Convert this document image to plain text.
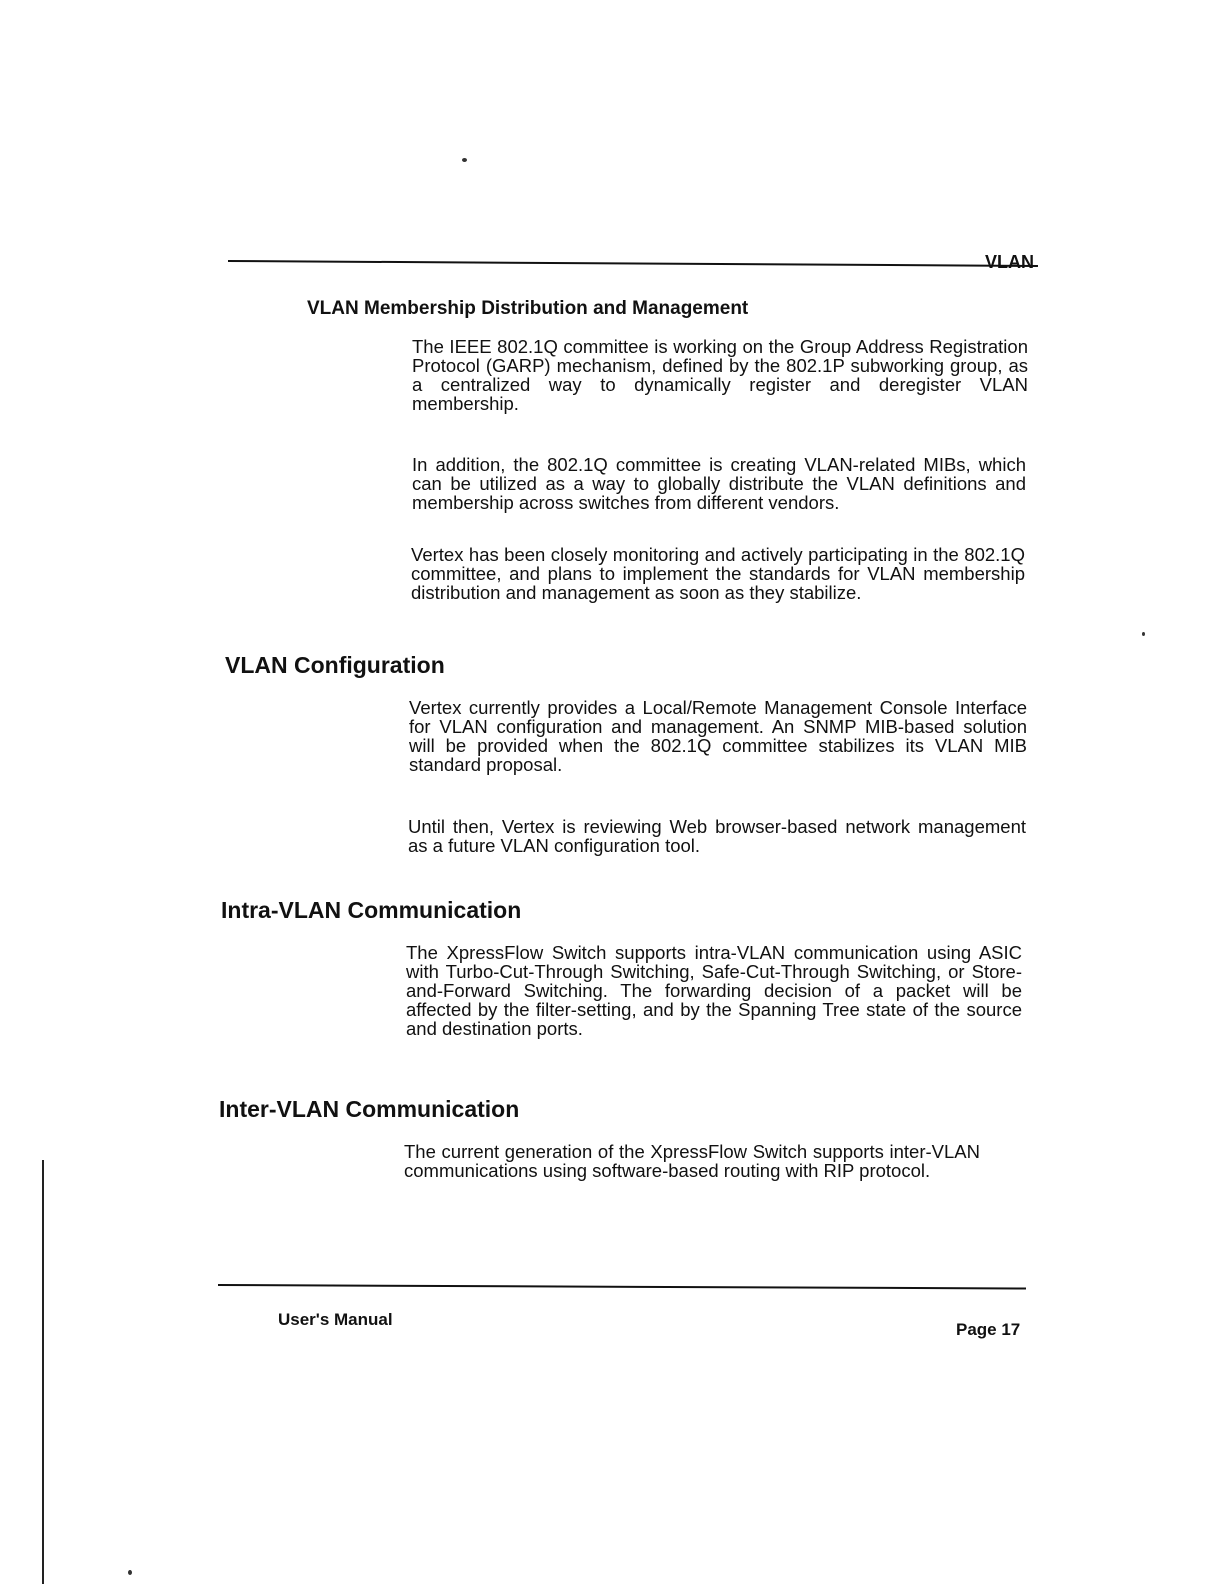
VLAN
VLAN Membership Distribution and Management

The IEEE 802.1Q committee is working on the Group Address Registration Protocol (GARP) mechanism, defined by the 802.1P subworking group, as a centralized way to dynamically register and deregister VLAN membership.

In addition, the 802.1Q committee is creating VLAN-related MIBs, which can be utilized as a way to globally distribute the VLAN definitions and membership across switches from different vendors.

Vertex has been closely monitoring and actively participating in the 802.1Q committee, and plans to implement the standards for VLAN membership distribution and management as soon as they stabilize.

VLAN Configuration

Vertex currently provides a Local/Remote Management Console Interface for VLAN configuration and management. An SNMP MIB-based solution will be provided when the 802.1Q committee stabilizes its VLAN MIB standard proposal.

Until then, Vertex is reviewing Web browser-based network management as a future VLAN configuration tool.

Intra-VLAN Communication

The XpressFlow Switch supports intra-VLAN communication using ASIC with Turbo-Cut-Through Switching, Safe-Cut-Through Switching, or Store-and-Forward Switching. The forwarding decision of a packet will be affected by the filter-setting, and by the Spanning Tree state of the source and destination ports.

Inter-VLAN Communication

The current generation of the XpressFlow Switch supports inter-VLAN communications using software-based routing with RIP protocol.

User's Manual
Page 17
